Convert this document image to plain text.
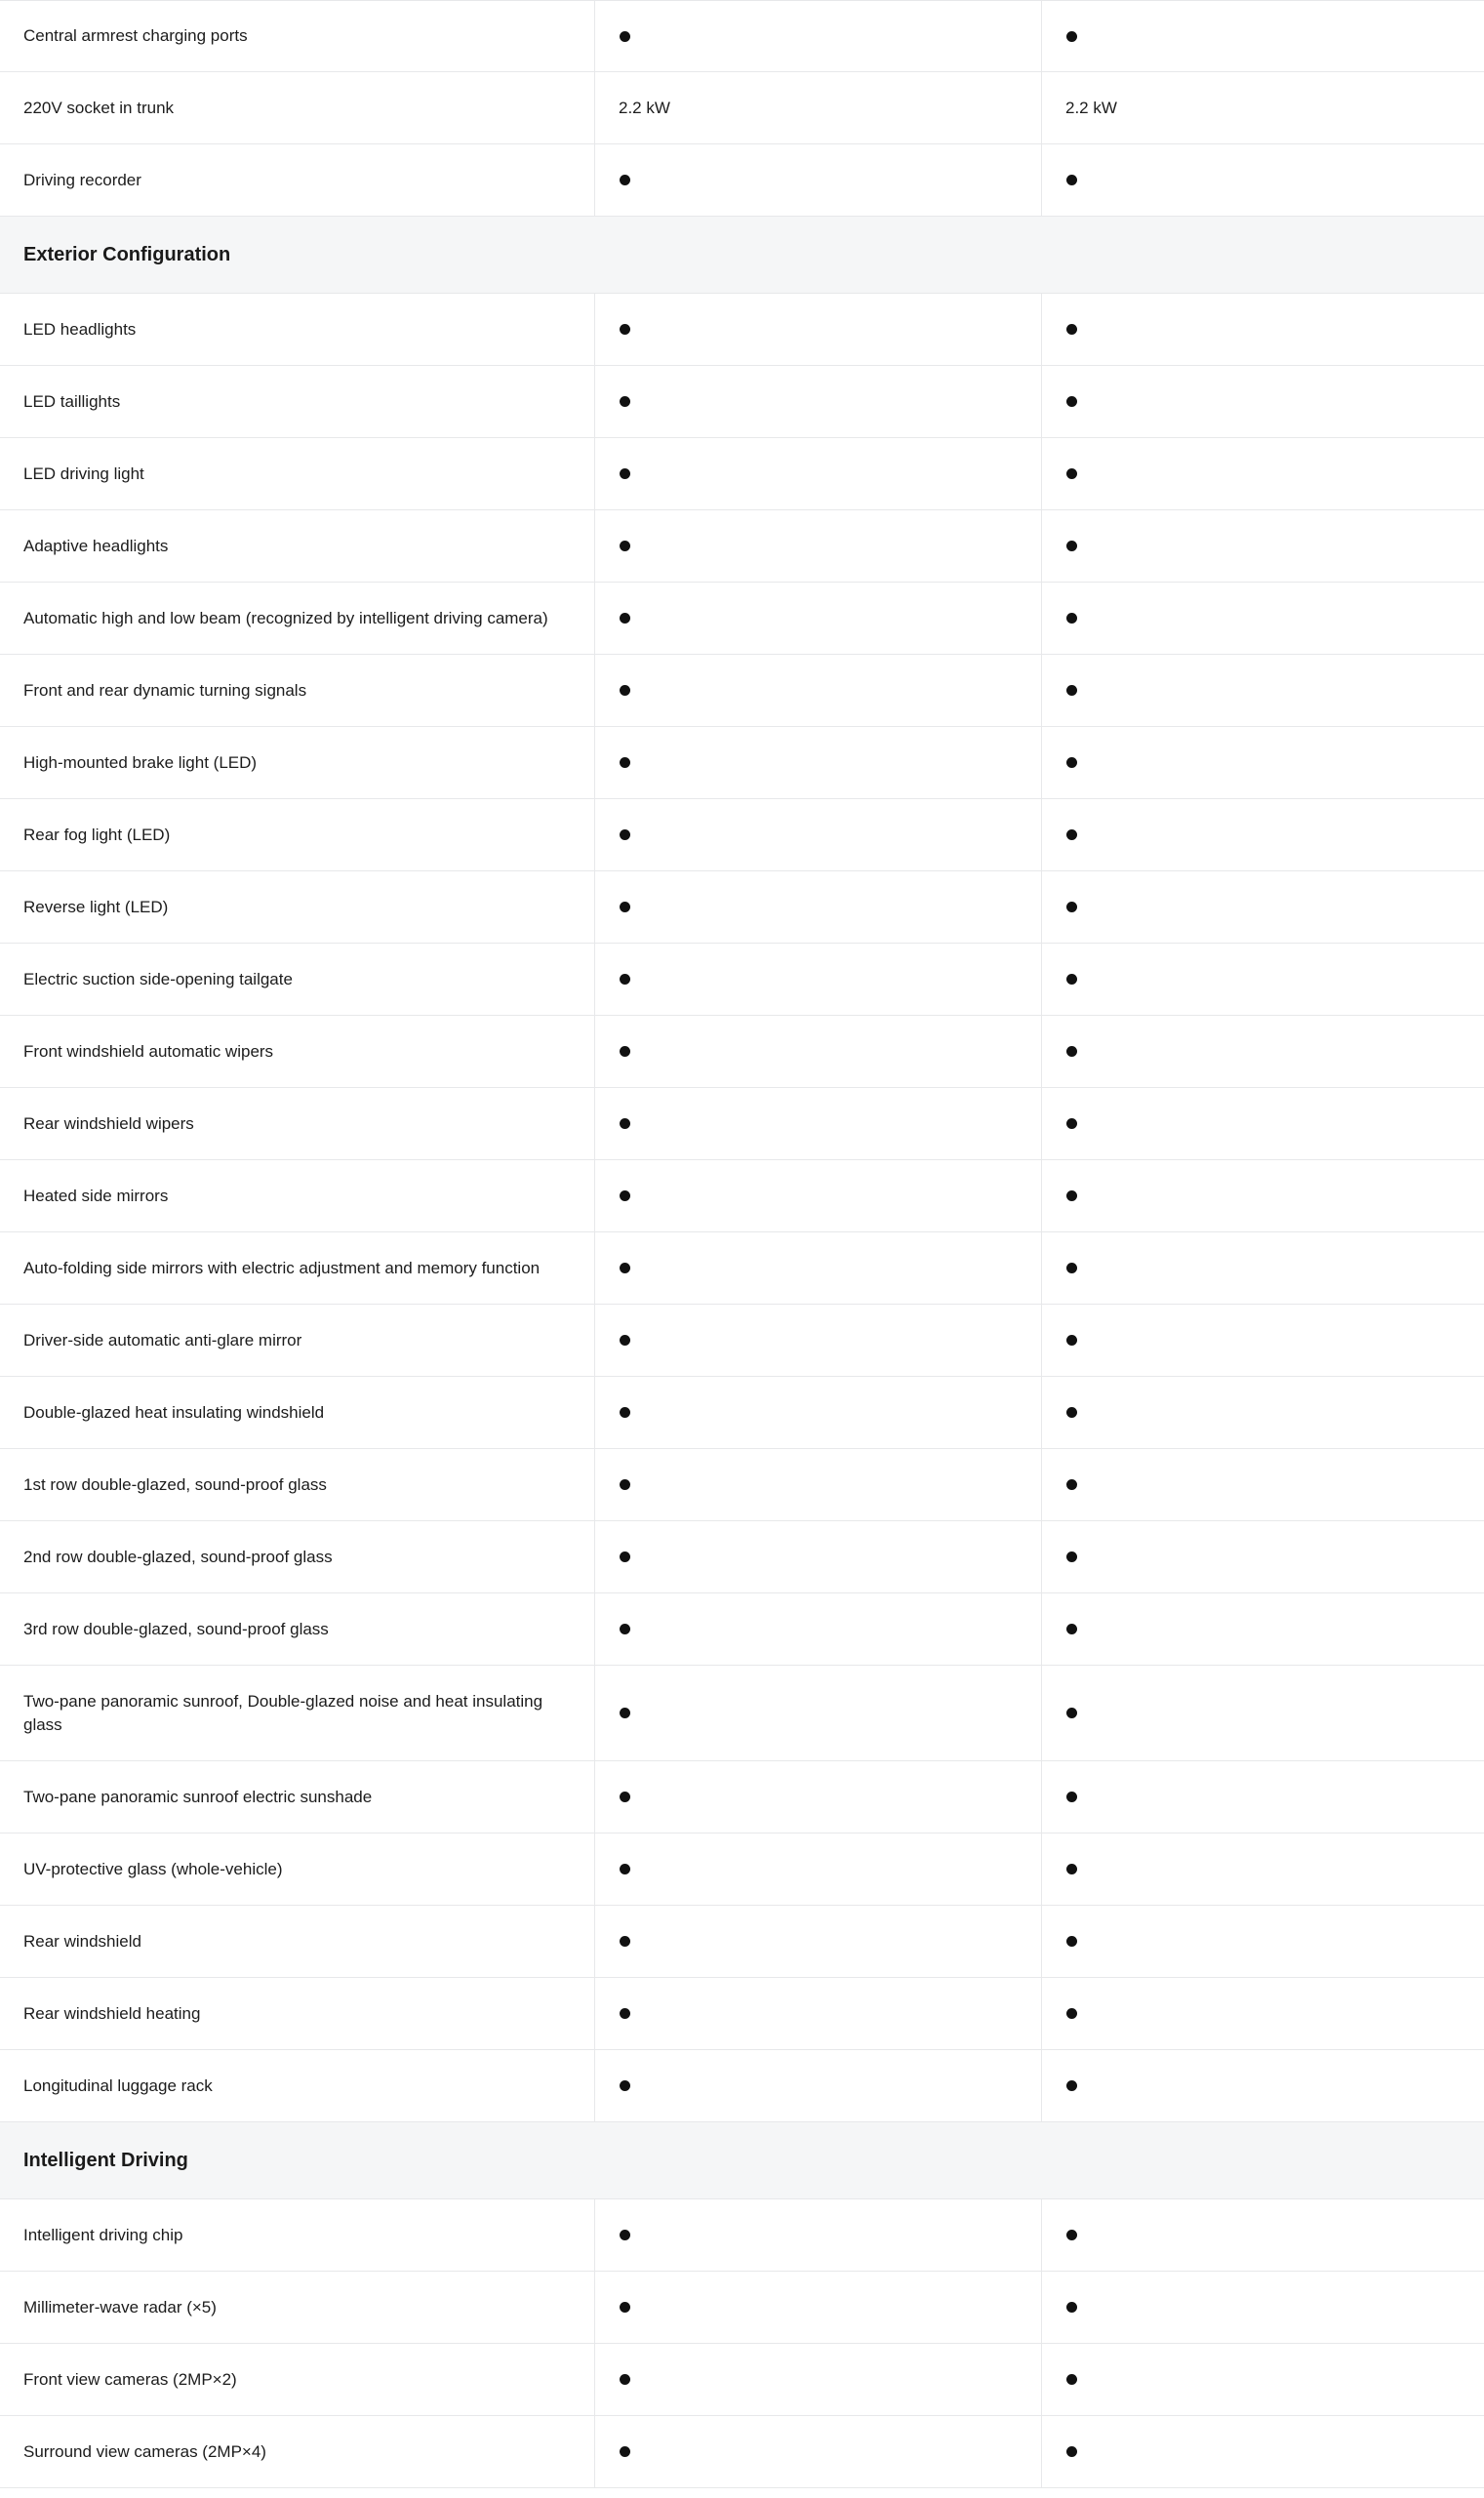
Central armrest charging ports
220V socket in trunk	2.2 kW	2.2 kW
Driving recorder
Exterior Configuration
LED headlights
LED taillights
LED driving light
Adaptive headlights
Automatic high and low beam (recognized by intelligent driving camera)
Front and rear dynamic turning signals
High-mounted brake light (LED)
Rear fog light (LED)
Reverse light (LED)
Electric suction side-opening tailgate
Front windshield automatic wipers
Rear windshield wipers
Heated side mirrors
Auto-folding side mirrors with electric adjustment and memory function
Driver-side automatic anti-glare mirror
Double-glazed heat insulating windshield
1st row double-glazed, sound-proof glass
2nd row double-glazed, sound-proof glass
3rd row double-glazed, sound-proof glass
Two-pane panoramic sunroof, Double-glazed noise and heat insulating glass
Two-pane panoramic sunroof electric sunshade
UV-protective glass (whole-vehicle)
Rear windshield
Rear windshield heating
Longitudinal luggage rack
Intelligent Driving
Intelligent driving chip
Millimeter-wave radar (×5)
Front view cameras (2MP×2)
Surround view cameras (2MP×4)
